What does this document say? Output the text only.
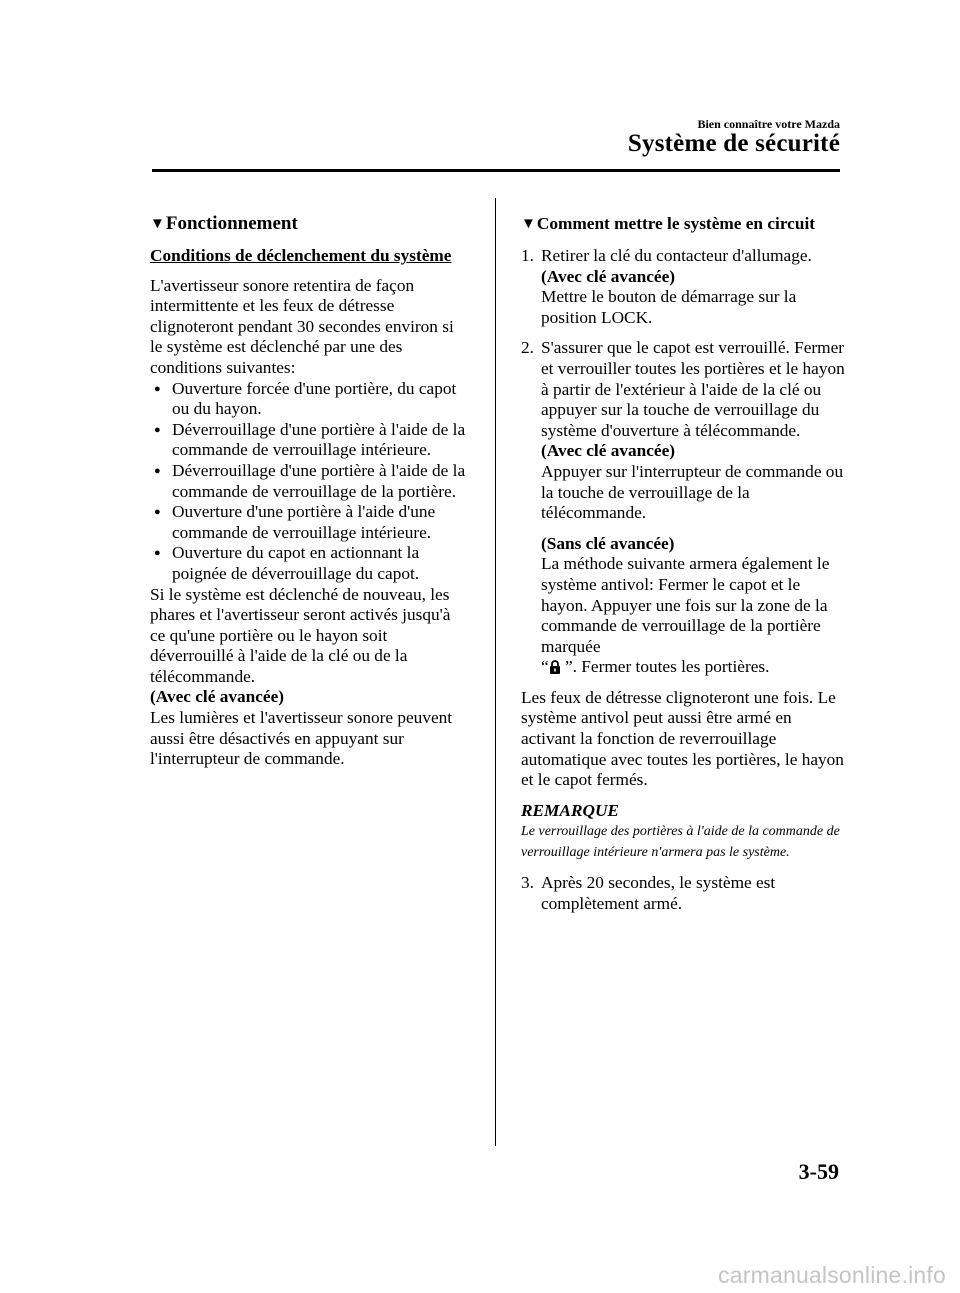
Bien connaître votre Mazda
Système de sécurité
▼Fonctionnement
Conditions de déclenchement du système

L'avertisseur sonore retentira de façon intermittente et les feux de détresse clignoteront pendant 30 secondes environ si le système est déclenché par une des conditions suivantes:

● Ouverture forcée d'une portière, du capot ou du hayon.
● Déverrouillage d'une portière à l'aide de la commande de verrouillage intérieure.
● Déverrouillage d'une portière à l'aide de la commande de verrouillage de la portière.
● Ouverture d'une portière à l'aide d'une commande de verrouillage intérieure.
● Ouverture du capot en actionnant la poignée de déverrouillage du capot.

Si le système est déclenché de nouveau, les phares et l'avertisseur seront activés jusqu'à ce qu'une portière ou le hayon soit déverrouillé à l'aide de la clé ou de la télécommande.

(Avec clé avancée)

Les lumières et l'avertisseur sonore peuvent aussi être désactivés en appuyant sur l'interrupteur de commande.

▼Comment mettre le système en circuit
1. Retirer la clé du contacteur d'allumage.
(Avec clé avancée)
Mettre le bouton de démarrage sur la position LOCK.
2. S'assurer que le capot est verrouillé. Fermer et verrouiller toutes les portières et le hayon à partir de l'extérieur à l'aide de la clé ou appuyer sur la touche de verrouillage du système d'ouverture à télécommande.
(Avec clé avancée)
Appuyer sur l'interrupteur de commande ou la touche de verrouillage de la télécommande.
(Sans clé avancée)
La méthode suivante armera également le système antivol: Fermer le capot et le hayon. Appuyer une fois sur la zone de la commande de verrouillage de la portière marquée
“ ”. Fermer toutes les portières.

Les feux de détresse clignoteront une fois. Le système antivol peut aussi être armé en activant la fonction de reverrouillage automatique avec toutes les portières, le hayon et le capot fermés.

REMARQUE
Le verrouillage des portières à l'aide de la commande de verrouillage intérieure n'armera pas le système.
3. Après 20 secondes, le système est complètement armé.
3-59
carmanualsonline.info
